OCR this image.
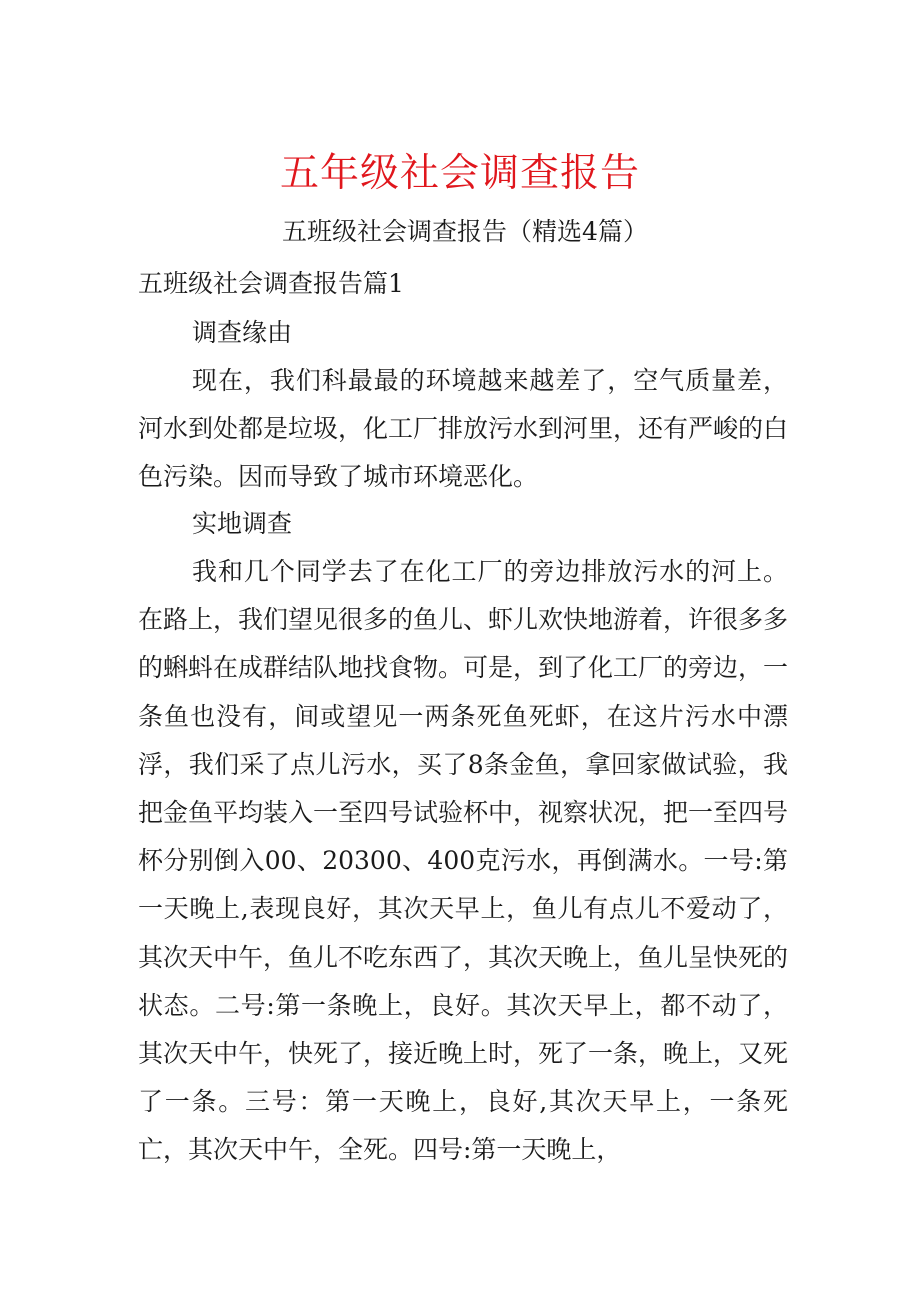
五年级社会调查报告
五班级社会调查报告（精选4篇）
五班级社会调查报告篇1
调查缘由
现在，我们科最最的环境越来越差了，空气质量差，河水到处都是垃圾，化工厂排放污水到河里，还有严峻的白色污染。因而导致了城市环境恶化。
实地调查
我和几个同学去了在化工厂的旁边排放污水的河上。在路上，我们望见很多的鱼儿、虾儿欢快地游着，许很多多的蝌蚪在成群结队地找食物。可是，到了化工厂的旁边，一条鱼也没有，间或望见一两条死鱼死虾，在这片污水中漂浮，我们采了点儿污水，买了8条金鱼，拿回家做试验，我把金鱼平均装入一至四号试验杯中，视察状况，把一至四号杯分别倒入00、20300、400克污水，再倒满水。一号:第一天晚上,表现良好，其次天早上，鱼儿有点儿不爱动了，其次天中午，鱼儿不吃东西了，其次天晚上，鱼儿呈快死的状态。二号:第一条晚上，良好。其次天早上，都不动了，其次天中午，快死了，接近晚上时，死了一条，晚上，又死了一条。三号：第一天晚上，良好,其次天早上，一条死亡，其次天中午，全死。四号:第一天晚上，
